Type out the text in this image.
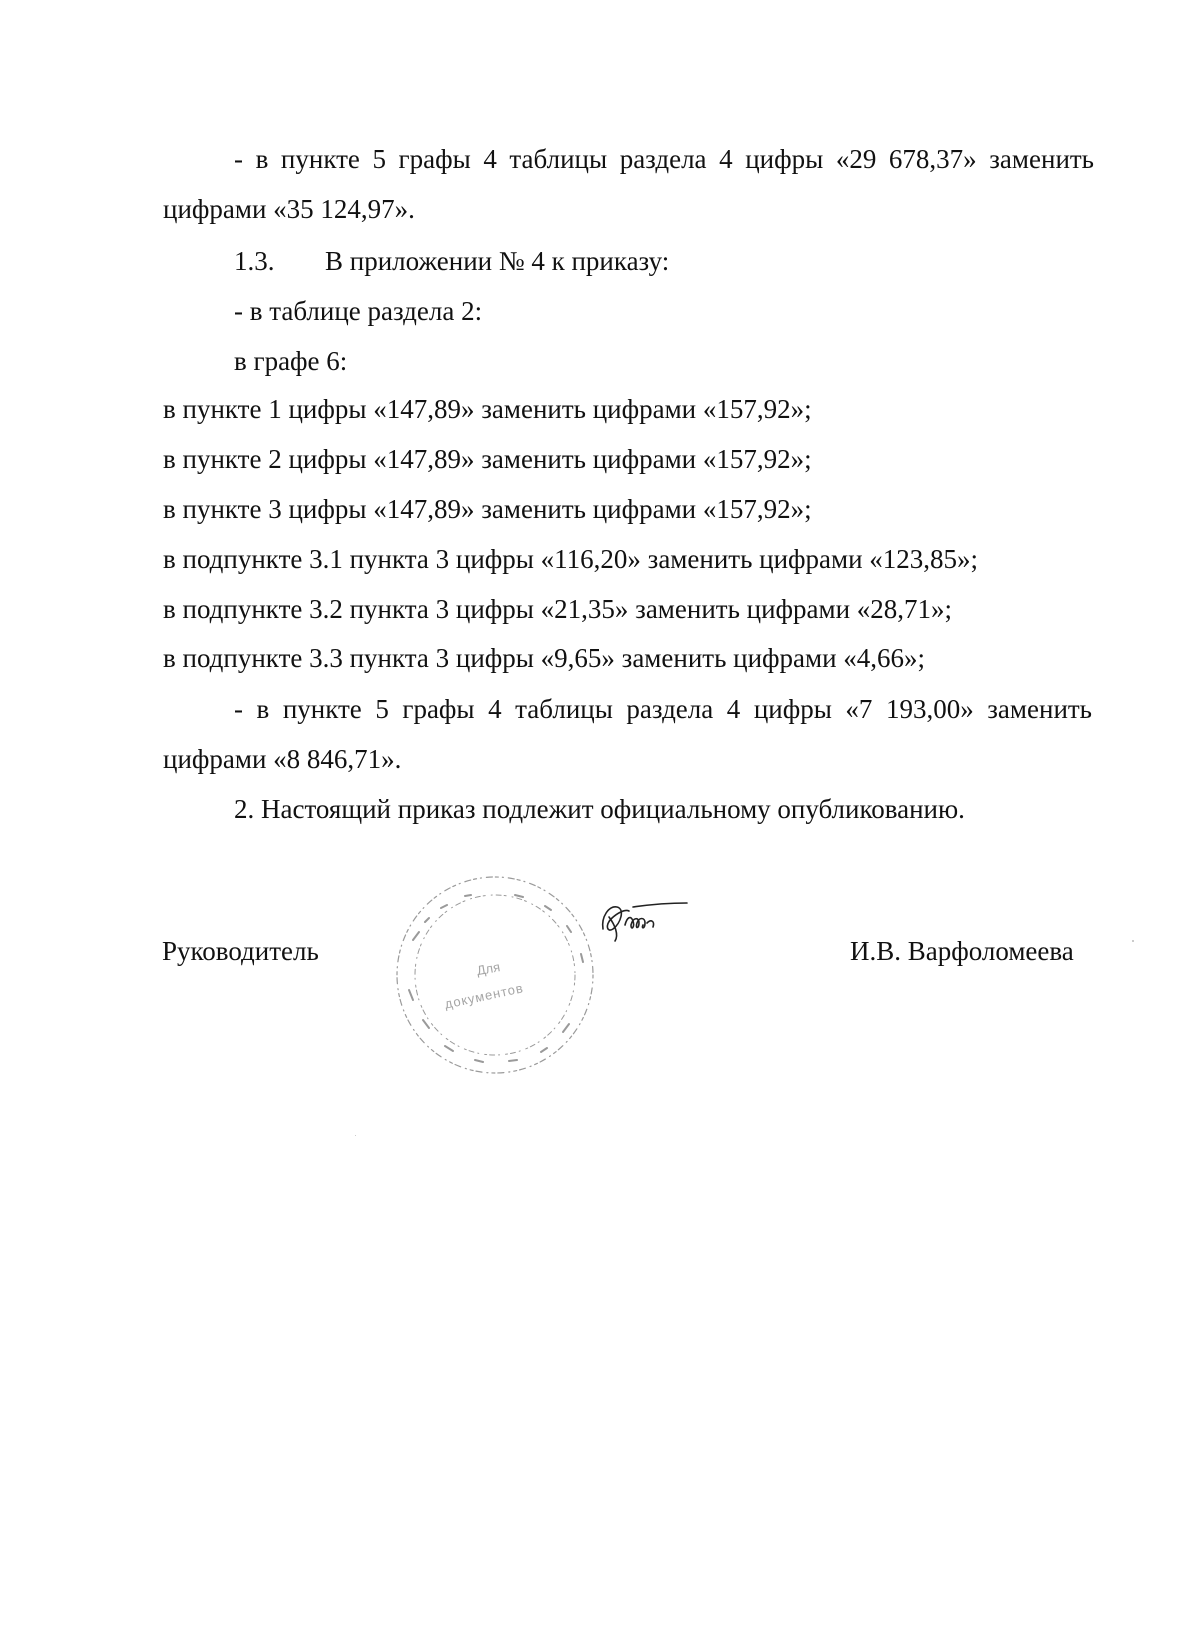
- в пункте 5 графы 4 таблицы раздела 4 цифры «29 678,37» заменить
цифрами «35 124,97».
1.3. В приложении № 4 к приказу:
- в таблице раздела 2:
в графе 6:
в пункте 1 цифры «147,89» заменить цифрами «157,92»;
в пункте 2 цифры «147,89» заменить цифрами «157,92»;
в пункте 3 цифры «147,89» заменить цифрами «157,92»;
в подпункте 3.1 пункта 3 цифры «116,20» заменить цифрами «123,85»;
в подпункте 3.2 пункта 3 цифры «21,35» заменить цифрами «28,71»;
в подпункте 3.3 пункта 3 цифры «9,65» заменить цифрами «4,66»;
- в пункте 5 графы 4 таблицы раздела 4 цифры «7 193,00» заменить
цифрами «8 846,71».
2. Настоящий приказ подлежит официальному опубликованию.
Руководитель	И.В. Варфоломеева
Для
документов
